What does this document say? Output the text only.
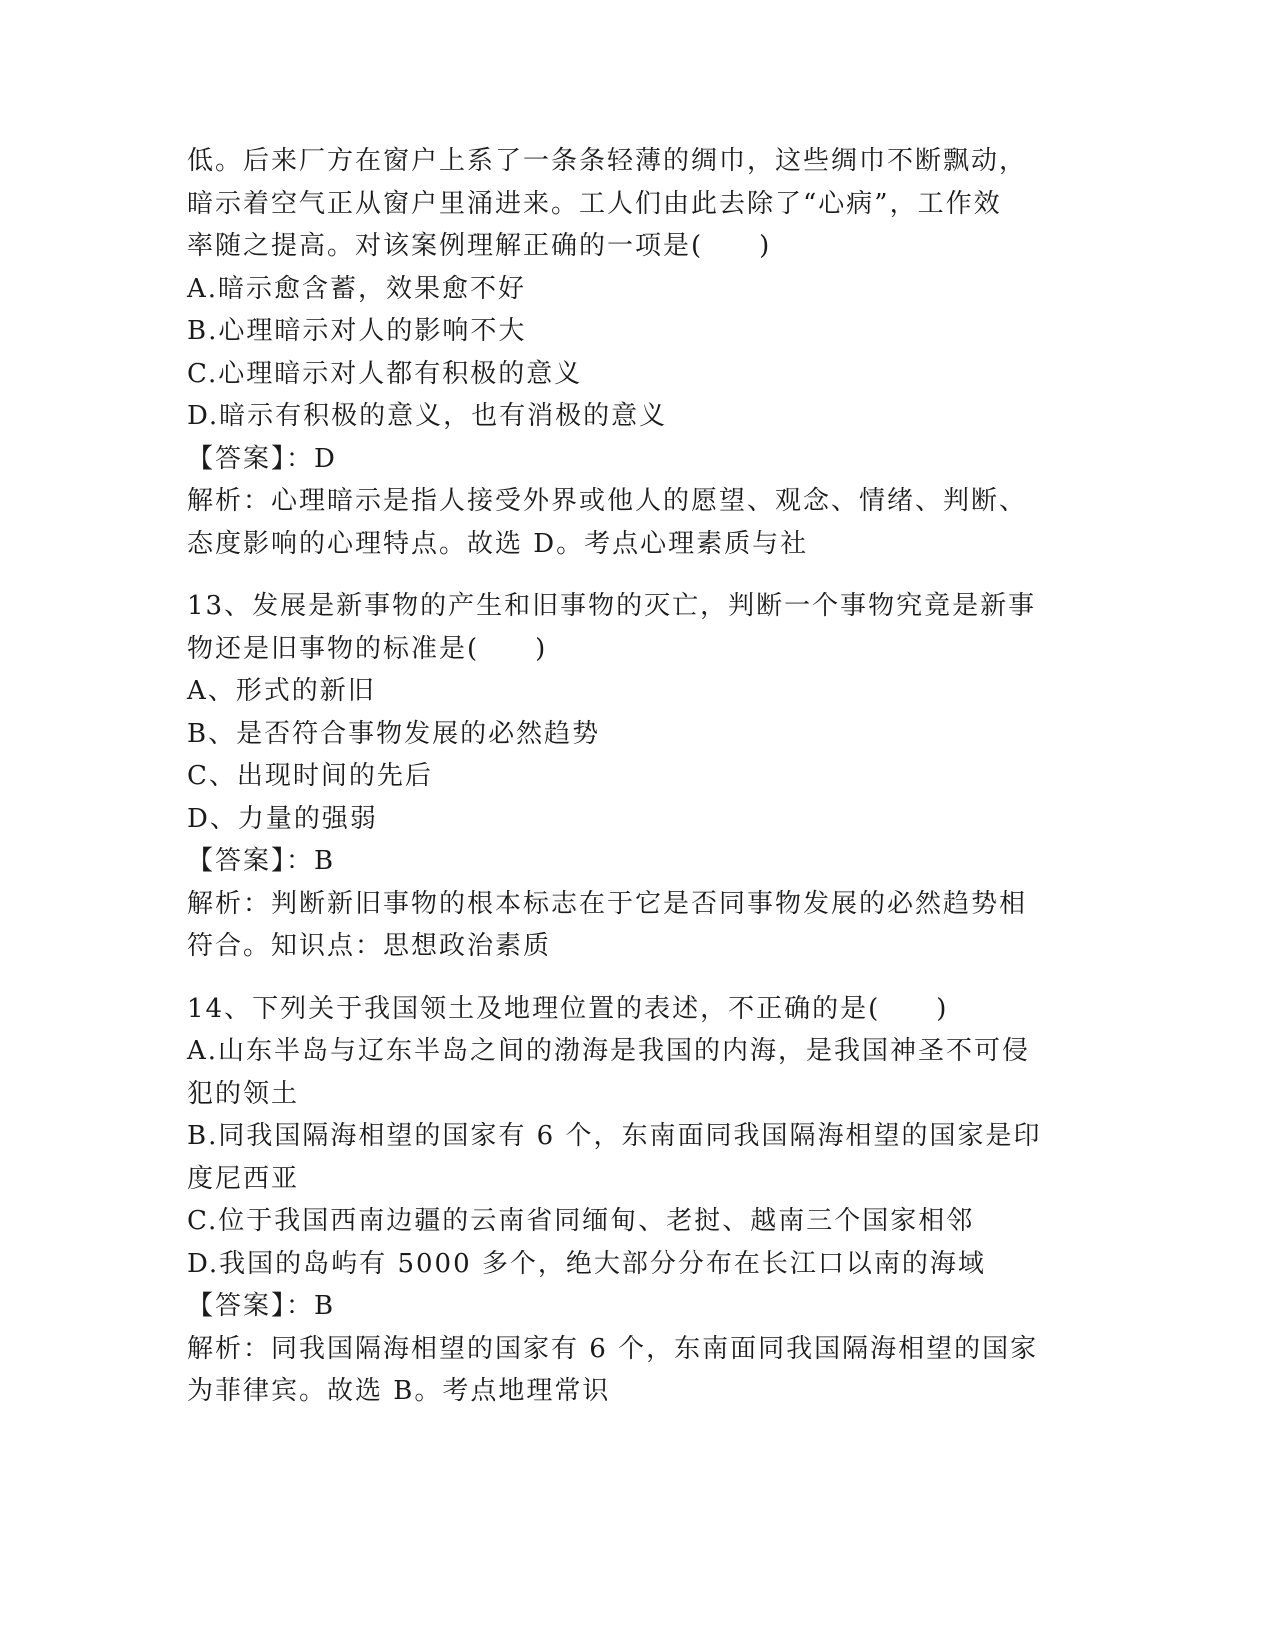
低。后来厂方在窗户上系了一条条轻薄的绸巾，这些绸巾不断飘动，
暗示着空气正从窗户里涌进来。工人们由此去除了“心病”，工作效
率随之提高。对该案例理解正确的一项是(　　)
A.暗示愈含蓄，效果愈不好
B.心理暗示对人的影响不大
C.心理暗示对人都有积极的意义
D.暗示有积极的意义，也有消极的意义
【答案】：D
解析：心理暗示是指人接受外界或他人的愿望、观念、情绪、判断、
态度影响的心理特点。故选 D。考点心理素质与社
13、发展是新事物的产生和旧事物的灭亡，判断一个事物究竟是新事
物还是旧事物的标准是(　　)
A、形式的新旧
B、是否符合事物发展的必然趋势
C、出现时间的先后
D、力量的强弱
【答案】：B
解析：判断新旧事物的根本标志在于它是否同事物发展的必然趋势相
符合。知识点：思想政治素质
14、下列关于我国领土及地理位置的表述，不正确的是(　　)
A.山东半岛与辽东半岛之间的渤海是我国的内海，是我国神圣不可侵
犯的领土
B.同我国隔海相望的国家有 6 个，东南面同我国隔海相望的国家是印
度尼西亚
C.位于我国西南边疆的云南省同缅甸、老挝、越南三个国家相邻
D.我国的岛屿有 5000 多个，绝大部分分布在长江口以南的海域
【答案】：B
解析：同我国隔海相望的国家有 6 个，东南面同我国隔海相望的国家
为菲律宾。故选 B。考点地理常识
